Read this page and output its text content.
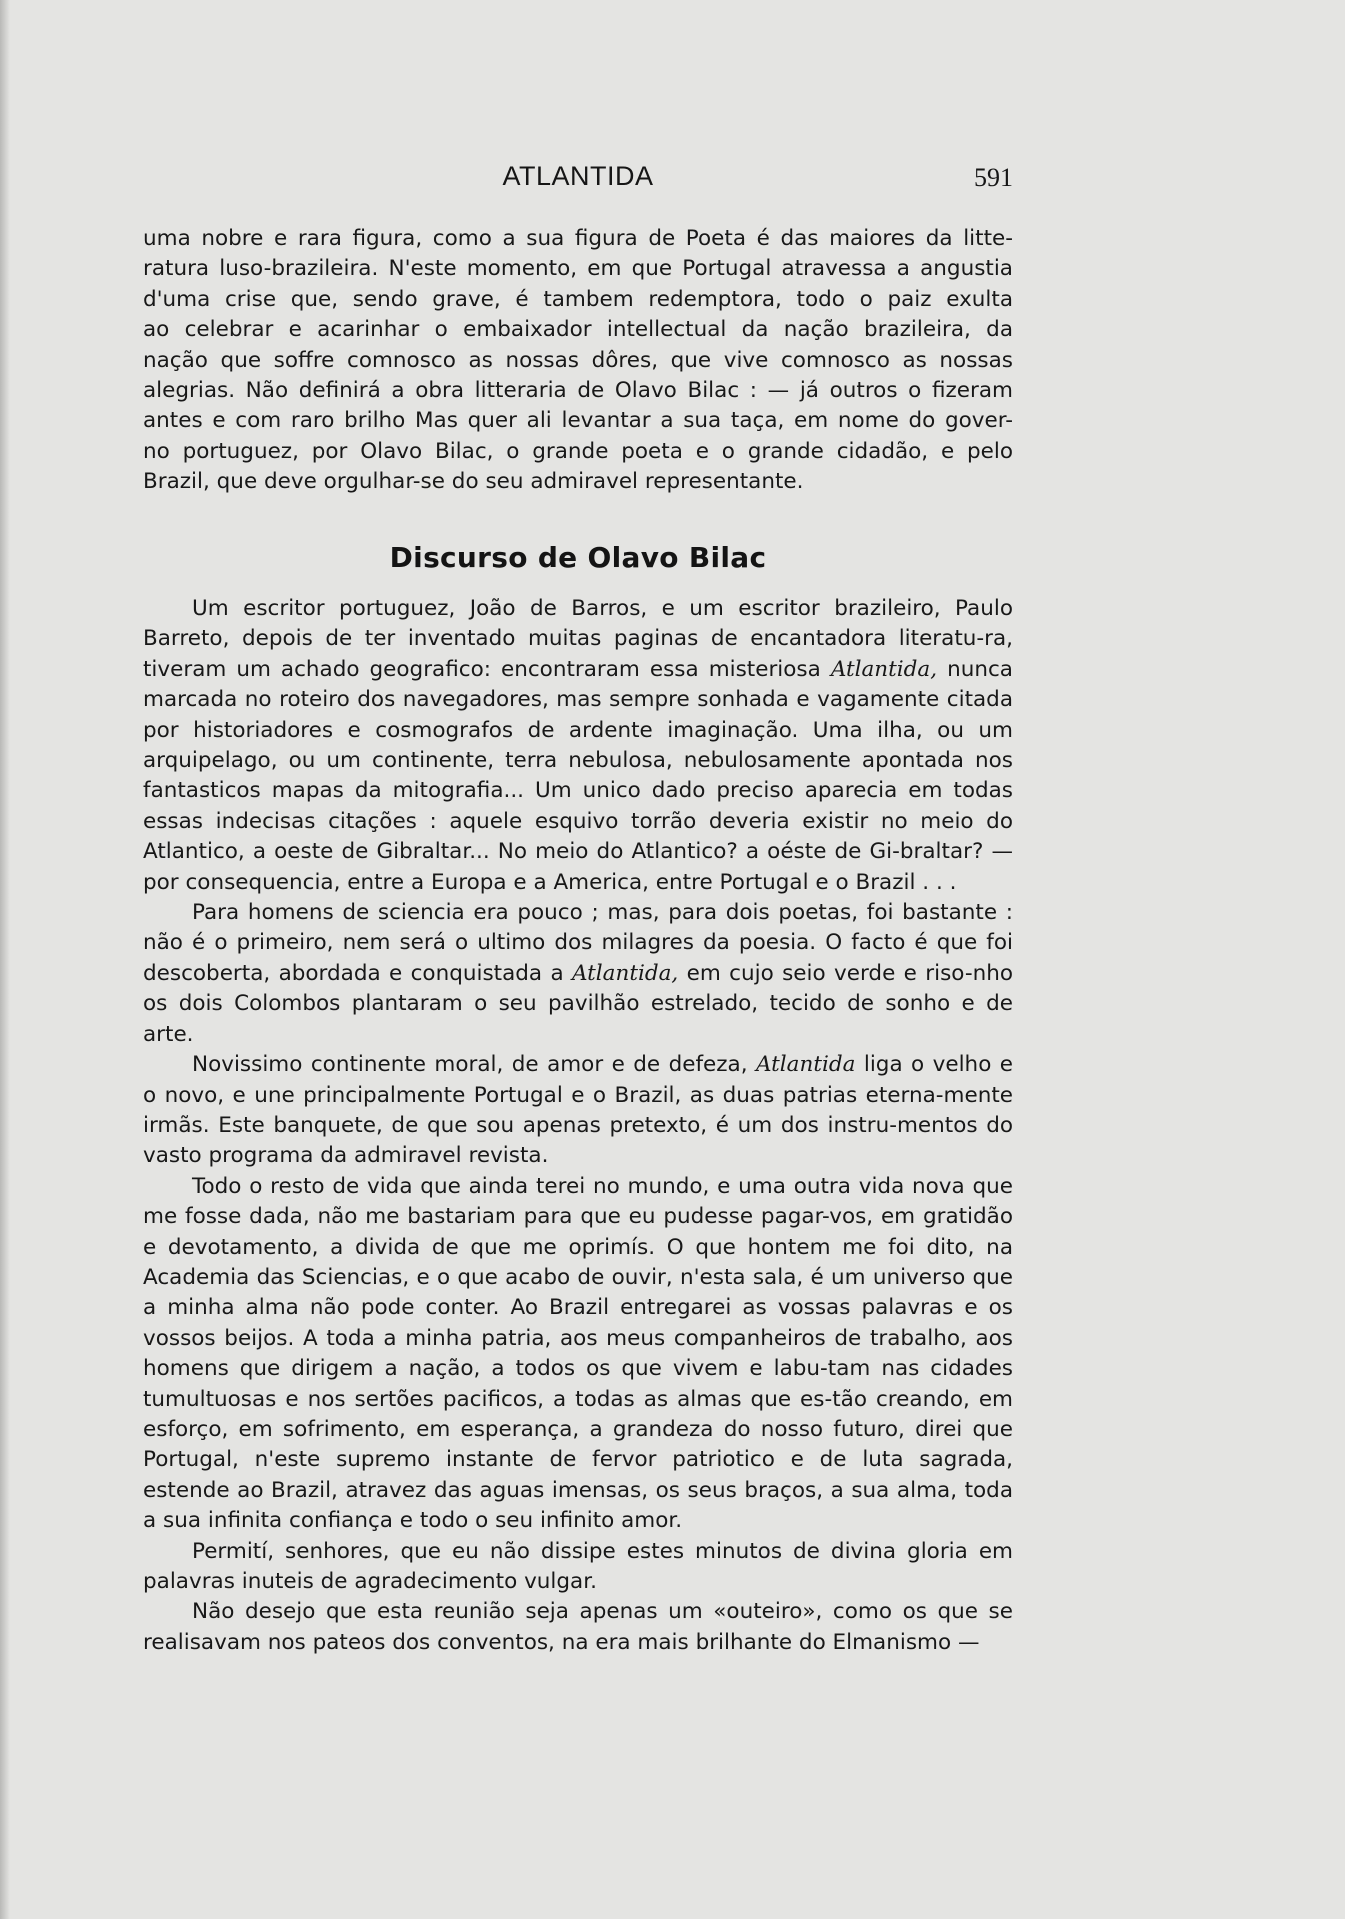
ATLANTIDA	591
uma nobre e rara figura, como a sua figura de Poeta é das maiores da litte-
ratura luso-brazileira. N'este momento, em que Portugal atravessa a angustia
d'uma crise que, sendo grave, é tambem redemptora, todo o paiz exulta
ao celebrar e acarinhar o embaixador intellectual da nação brazileira, da
nação que soffre comnosco as nossas dôres, que vive comnosco as nossas
alegrias. Não definirá a obra litteraria de Olavo Bilac : — já outros o fizeram
antes e com raro brilho Mas quer ali levantar a sua taça, em nome do gover-
no portuguez, por Olavo Bilac, o grande poeta e o grande cidadão, e pelo
Brazil, que deve orgulhar-se do seu admiravel representante.
Discurso de Olavo Bilac

Um escritor portuguez, João de Barros, e um escritor brazileiro, Paulo Barreto, depois de ter inventado muitas paginas de encantadora literatu-ra, tiveram um achado geografico: encontraram essa misteriosa Atlantida, nunca marcada no roteiro dos navegadores, mas sempre sonhada e vagamente citada por historiadores e cosmografos de ardente imaginação. Uma ilha, ou um arquipelago, ou um continente, terra nebulosa, nebulosamente apontada nos fantasticos mapas da mitografia... Um unico dado preciso aparecia em todas essas indecisas citações : aquele esquivo torrão deveria existir no meio do Atlantico, a oeste de Gibraltar... No meio do Atlantico? a oéste de Gi-braltar? — por consequencia, entre a Europa e a America, entre Portugal e o Brazil . . .

Para homens de sciencia era pouco ; mas, para dois poetas, foi bastante : não é o primeiro, nem será o ultimo dos milagres da poesia. O facto é que foi descoberta, abordada e conquistada a Atlantida, em cujo seio verde e riso-nho os dois Colombos plantaram o seu pavilhão estrelado, tecido de sonho e de arte.

Novissimo continente moral, de amor e de defeza, Atlantida liga o velho e o novo, e une principalmente Portugal e o Brazil, as duas patrias eterna-mente irmãs. Este banquete, de que sou apenas pretexto, é um dos instru-mentos do vasto programa da admiravel revista.

Todo o resto de vida que ainda terei no mundo, e uma outra vida nova que me fosse dada, não me bastariam para que eu pudesse pagar-vos, em gratidão e devotamento, a divida de que me oprimís. O que hontem me foi dito, na Academia das Sciencias, e o que acabo de ouvir, n'esta sala, é um universo que a minha alma não pode conter. Ao Brazil entregarei as vossas palavras e os vossos beijos. A toda a minha patria, aos meus companheiros de trabalho, aos homens que dirigem a nação, a todos os que vivem e labu-tam nas cidades tumultuosas e nos sertões pacificos, a todas as almas que es-tão creando, em esforço, em sofrimento, em esperança, a grandeza do nosso futuro, direi que Portugal, n'este supremo instante de fervor patriotico e de luta sagrada, estende ao Brazil, atravez das aguas imensas, os seus braços, a sua alma, toda a sua infinita confiança e todo o seu infinito amor.

Permití, senhores, que eu não dissipe estes minutos de divina gloria em palavras inuteis de agradecimento vulgar.

Não desejo que esta reunião seja apenas um «outeiro», como os que se realisavam nos pateos dos conventos, na era mais brilhante do Elmanismo —
